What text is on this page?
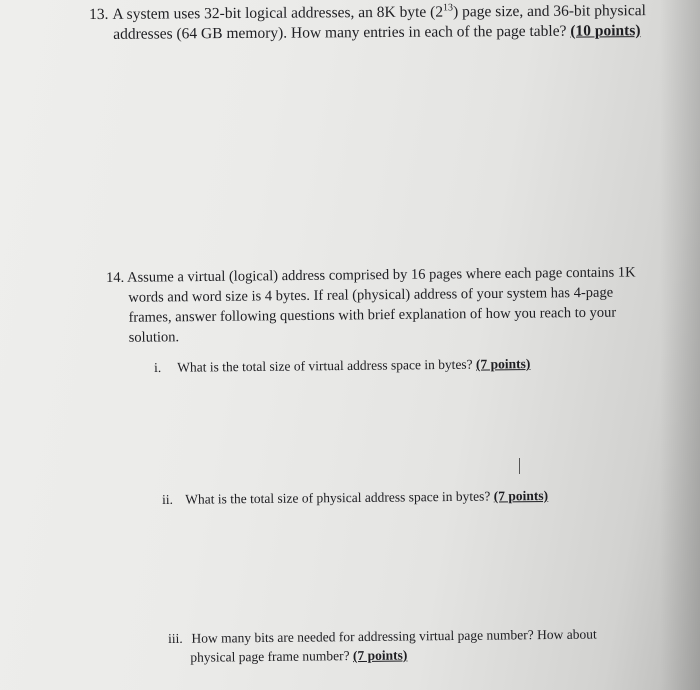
13. A system uses 32-bit logical addresses, an 8K byte $(2^{13})$ page size, and 36-bit physical
addresses (64 GB memory). How many entries in each of the page table? (10 points)
14. Assume a virtual (logical) address comprised by 16 pages where each page contains 1K
words and word size is 4 bytes. If real (physical) address of your system has 4-page
frames, answer following questions with brief explanation of how you reach to your
solution.
i. What is the total size of virtual address space in bytes? (7 points)
ii. What is the total size of physical address space in bytes? (7 points)
iii. How many bits are needed for addressing virtual page number? How about
physical page frame number? (7 points)
